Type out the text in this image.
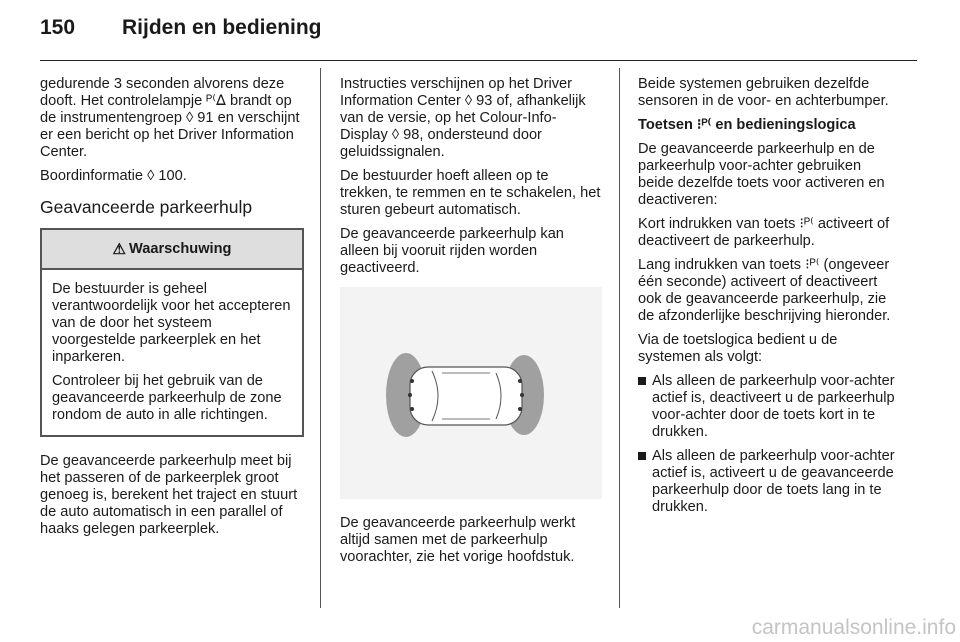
150	Rijden en bediening

gedurende 3 seconden alvorens deze dooft. Het controlelampje ᴾ⁽ᐃ brandt op de instrumentengroep ◊ 91 en verschijnt er een bericht op het Driver Information Center.

Boordinformatie ◊ 100.

Geavanceerde parkeerhulp
⚠ Waarschuwing

De bestuurder is geheel verantwoordelijk voor het accepteren van de door het systeem voorgestelde parkeerplek en het inparkeren.

Controleer bij het gebruik van de geavanceerde parkeerhulp de zone rondom de auto in alle richtingen.

De geavanceerde parkeerhulp meet bij het passeren of de parkeerplek groot genoeg is, berekent het traject en stuurt de auto automatisch in een parallel of haaks gelegen parkeerplek.

Instructies verschijnen op het Driver Information Center ◊ 93 of, afhankelijk van de versie, op het Colour-Info-Display ◊ 98, ondersteund door geluidssignalen.

De bestuurder hoeft alleen op te trekken, te remmen en te schakelen, het sturen gebeurt automatisch.

De geavanceerde parkeerhulp kan alleen bij vooruit rijden worden geactiveerd.

De geavanceerde parkeerhulp werkt altijd samen met de parkeerhulp voorachter, zie het vorige hoofdstuk.

Beide systemen gebruiken dezelfde sensoren in de voor- en achterbumper.

Toetsen ⁝ᴾ⁽ en bedieningslogica

De geavanceerde parkeerhulp en de parkeerhulp voor-achter gebruiken beide dezelfde toets voor activeren en deactiveren:

Kort indrukken van toets ⁝ᴾ⁽ activeert of deactiveert de parkeerhulp.

Lang indrukken van toets ⁝ᴾ⁽ (ongeveer één seconde) activeert of deactiveert ook de geavanceerde parkeerhulp, zie de afzonderlijke beschrijving hieronder.

Via de toetslogica bedient u de systemen als volgt:

Als alleen de parkeerhulp voor-achter actief is, deactiveert u de parkeerhulp voor-achter door de toets kort in te drukken.
Als alleen de parkeerhulp voor-achter actief is, activeert u de geavanceerde parkeerhulp door de toets lang in te drukken.
carmanualsonline.info
